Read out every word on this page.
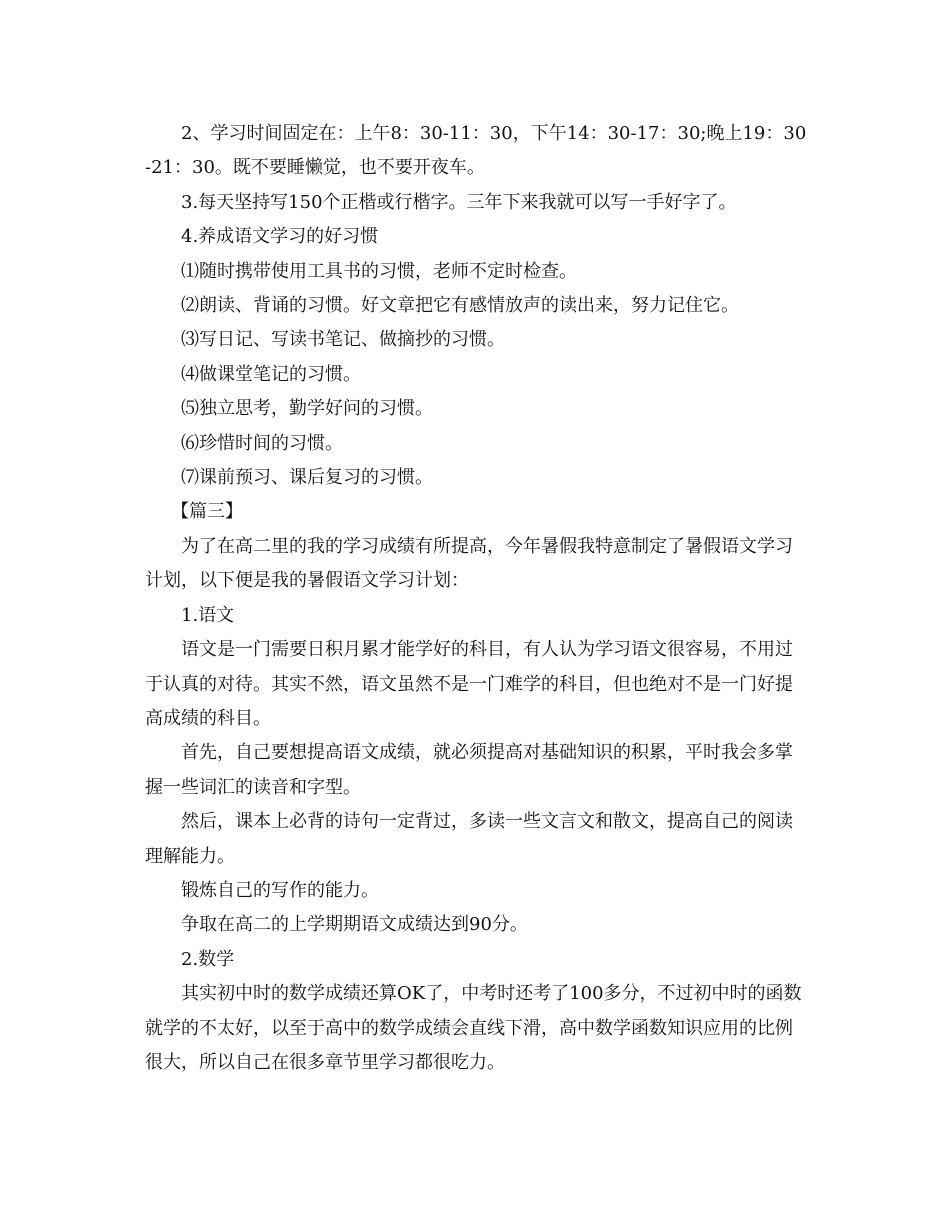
2、学习时间固定在：上午8：30-11：30，下午14：30-17：30;晚上19：30-21：30。既不要睡懒觉，也不要开夜车。

3.每天坚持写150个正楷或行楷字。三年下来我就可以写一手好字了。

4.养成语文学习的好习惯

⑴随时携带使用工具书的习惯，老师不定时检查。

⑵朗读、背诵的习惯。好文章把它有感情放声的读出来，努力记住它。

⑶写日记、写读书笔记、做摘抄的习惯。

⑷做课堂笔记的习惯。

⑸独立思考，勤学好问的习惯。

⑹珍惜时间的习惯。

⑺课前预习、课后复习的习惯。

【篇三】

为了在高二里的我的学习成绩有所提高，今年暑假我特意制定了暑假语文学习计划，以下便是我的暑假语文学习计划：

1.语文

语文是一门需要日积月累才能学好的科目，有人认为学习语文很容易，不用过于认真的对待。其实不然，语文虽然不是一门难学的科目，但也绝对不是一门好提高成绩的科目。

首先，自己要想提高语文成绩，就必须提高对基础知识的积累，平时我会多掌握一些词汇的读音和字型。

然后，课本上必背的诗句一定背过，多读一些文言文和散文，提高自己的阅读理解能力。

锻炼自己的写作的能力。

争取在高二的上学期期语文成绩达到90分。

2.数学

其实初中时的数学成绩还算OK了，中考时还考了100多分，不过初中时的函数就学的不太好，以至于高中的数学成绩会直线下滑，高中数学函数知识应用的比例很大，所以自己在很多章节里学习都很吃力。
